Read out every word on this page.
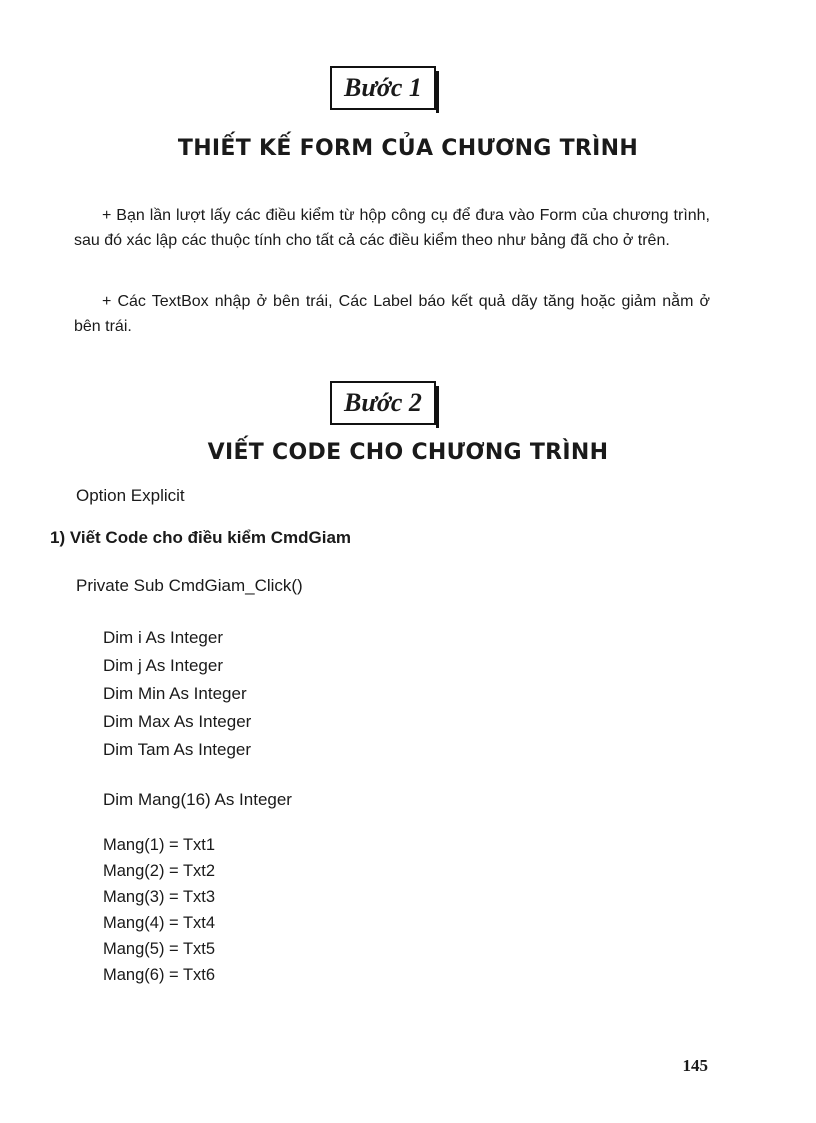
Bước 1
THIẾT KẾ FORM CỦA CHƯƠNG TRÌNH

+ Bạn lần lượt lấy các điều kiểm từ hộp công cụ để đưa vào Form của chương trình, sau đó xác lập các thuộc tính cho tất cả các điều kiểm theo như bảng đã cho ở trên.

+ Các TextBox nhập ở bên trái, Các Label báo kết quả dãy tăng hoặc giảm nằm ở bên trái.

Bước 2
VIẾT CODE CHO CHƯƠNG TRÌNH
Option Explicit
1) Viết Code cho điều kiểm CmdGiam
Private Sub CmdGiam_Click()
Dim i As Integer
Dim j As Integer
Dim Min As Integer
Dim Max As Integer
Dim Tam As Integer
Dim Mang(16) As Integer
Mang(1) = Txt1
Mang(2) = Txt2
Mang(3) = Txt3
Mang(4) = Txt4
Mang(5) = Txt5
Mang(6) = Txt6
145
